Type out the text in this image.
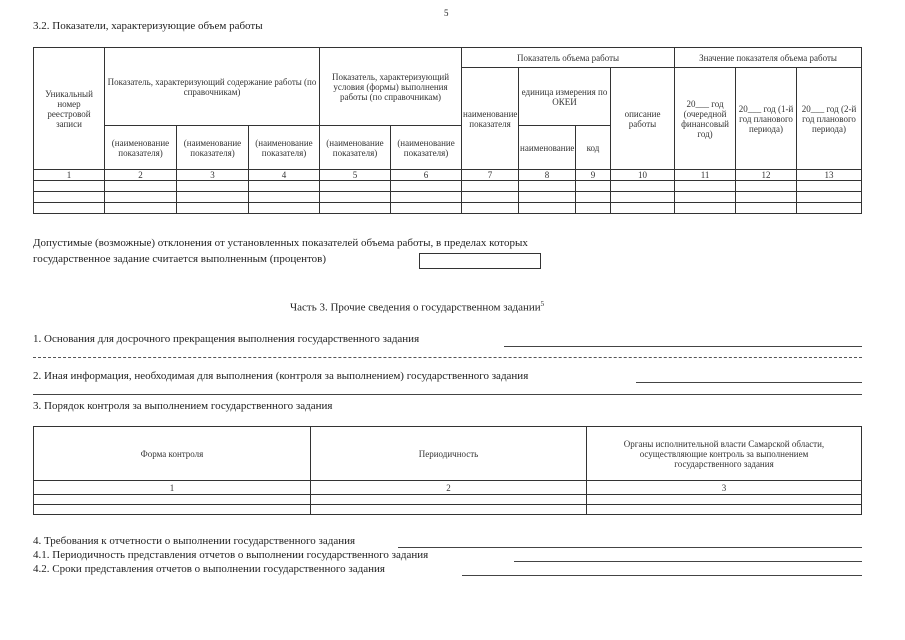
5
3.2. Показатели, характеризующие объем работы
Уникальный номер реестровой записи	Показатель, характеризующий содержание работы (по справочникам)			Показатель, характеризующий условия (формы) выполнения работы (по справочникам)		Показатель объема работы				Значение показателя объема работы		
						наименование показателя	единица измерения по ОКЕИ		описание работы	20___ год (очередной финансовый год)	20___ год (1-й год планового периода)	20___ год (2-й год планового периода)
	(наименование показателя)	(наименование показателя)	(наименование показателя)	(наименование показателя)	(наименование показателя)		наименование	код				
1	2	3	4	5	6	7	8	9	10	11	12	13

Допустимые (возможные) отклонения от установленных показателей объема работы, в пределах которых
государственное задание считается выполненным (процентов)
Часть 3. Прочие сведения о государственном задании$^5$
1. Основания для досрочного прекращения выполнения государственного задания
2. Иная информация, необходимая для выполнения (контроля за выполнением) государственного задания
3. Порядок контроля за выполнением государственного задания
Форма контроля	Периодичность	Органы исполнительной власти Самарской области, осуществляющие контроль за выполнением государственного задания
1	2	3

4. Требования к отчетности о выполнении государственного задания
4.1. Периодичность представления отчетов о выполнении государственного задания
4.2. Сроки представления отчетов о выполнении государственного задания
